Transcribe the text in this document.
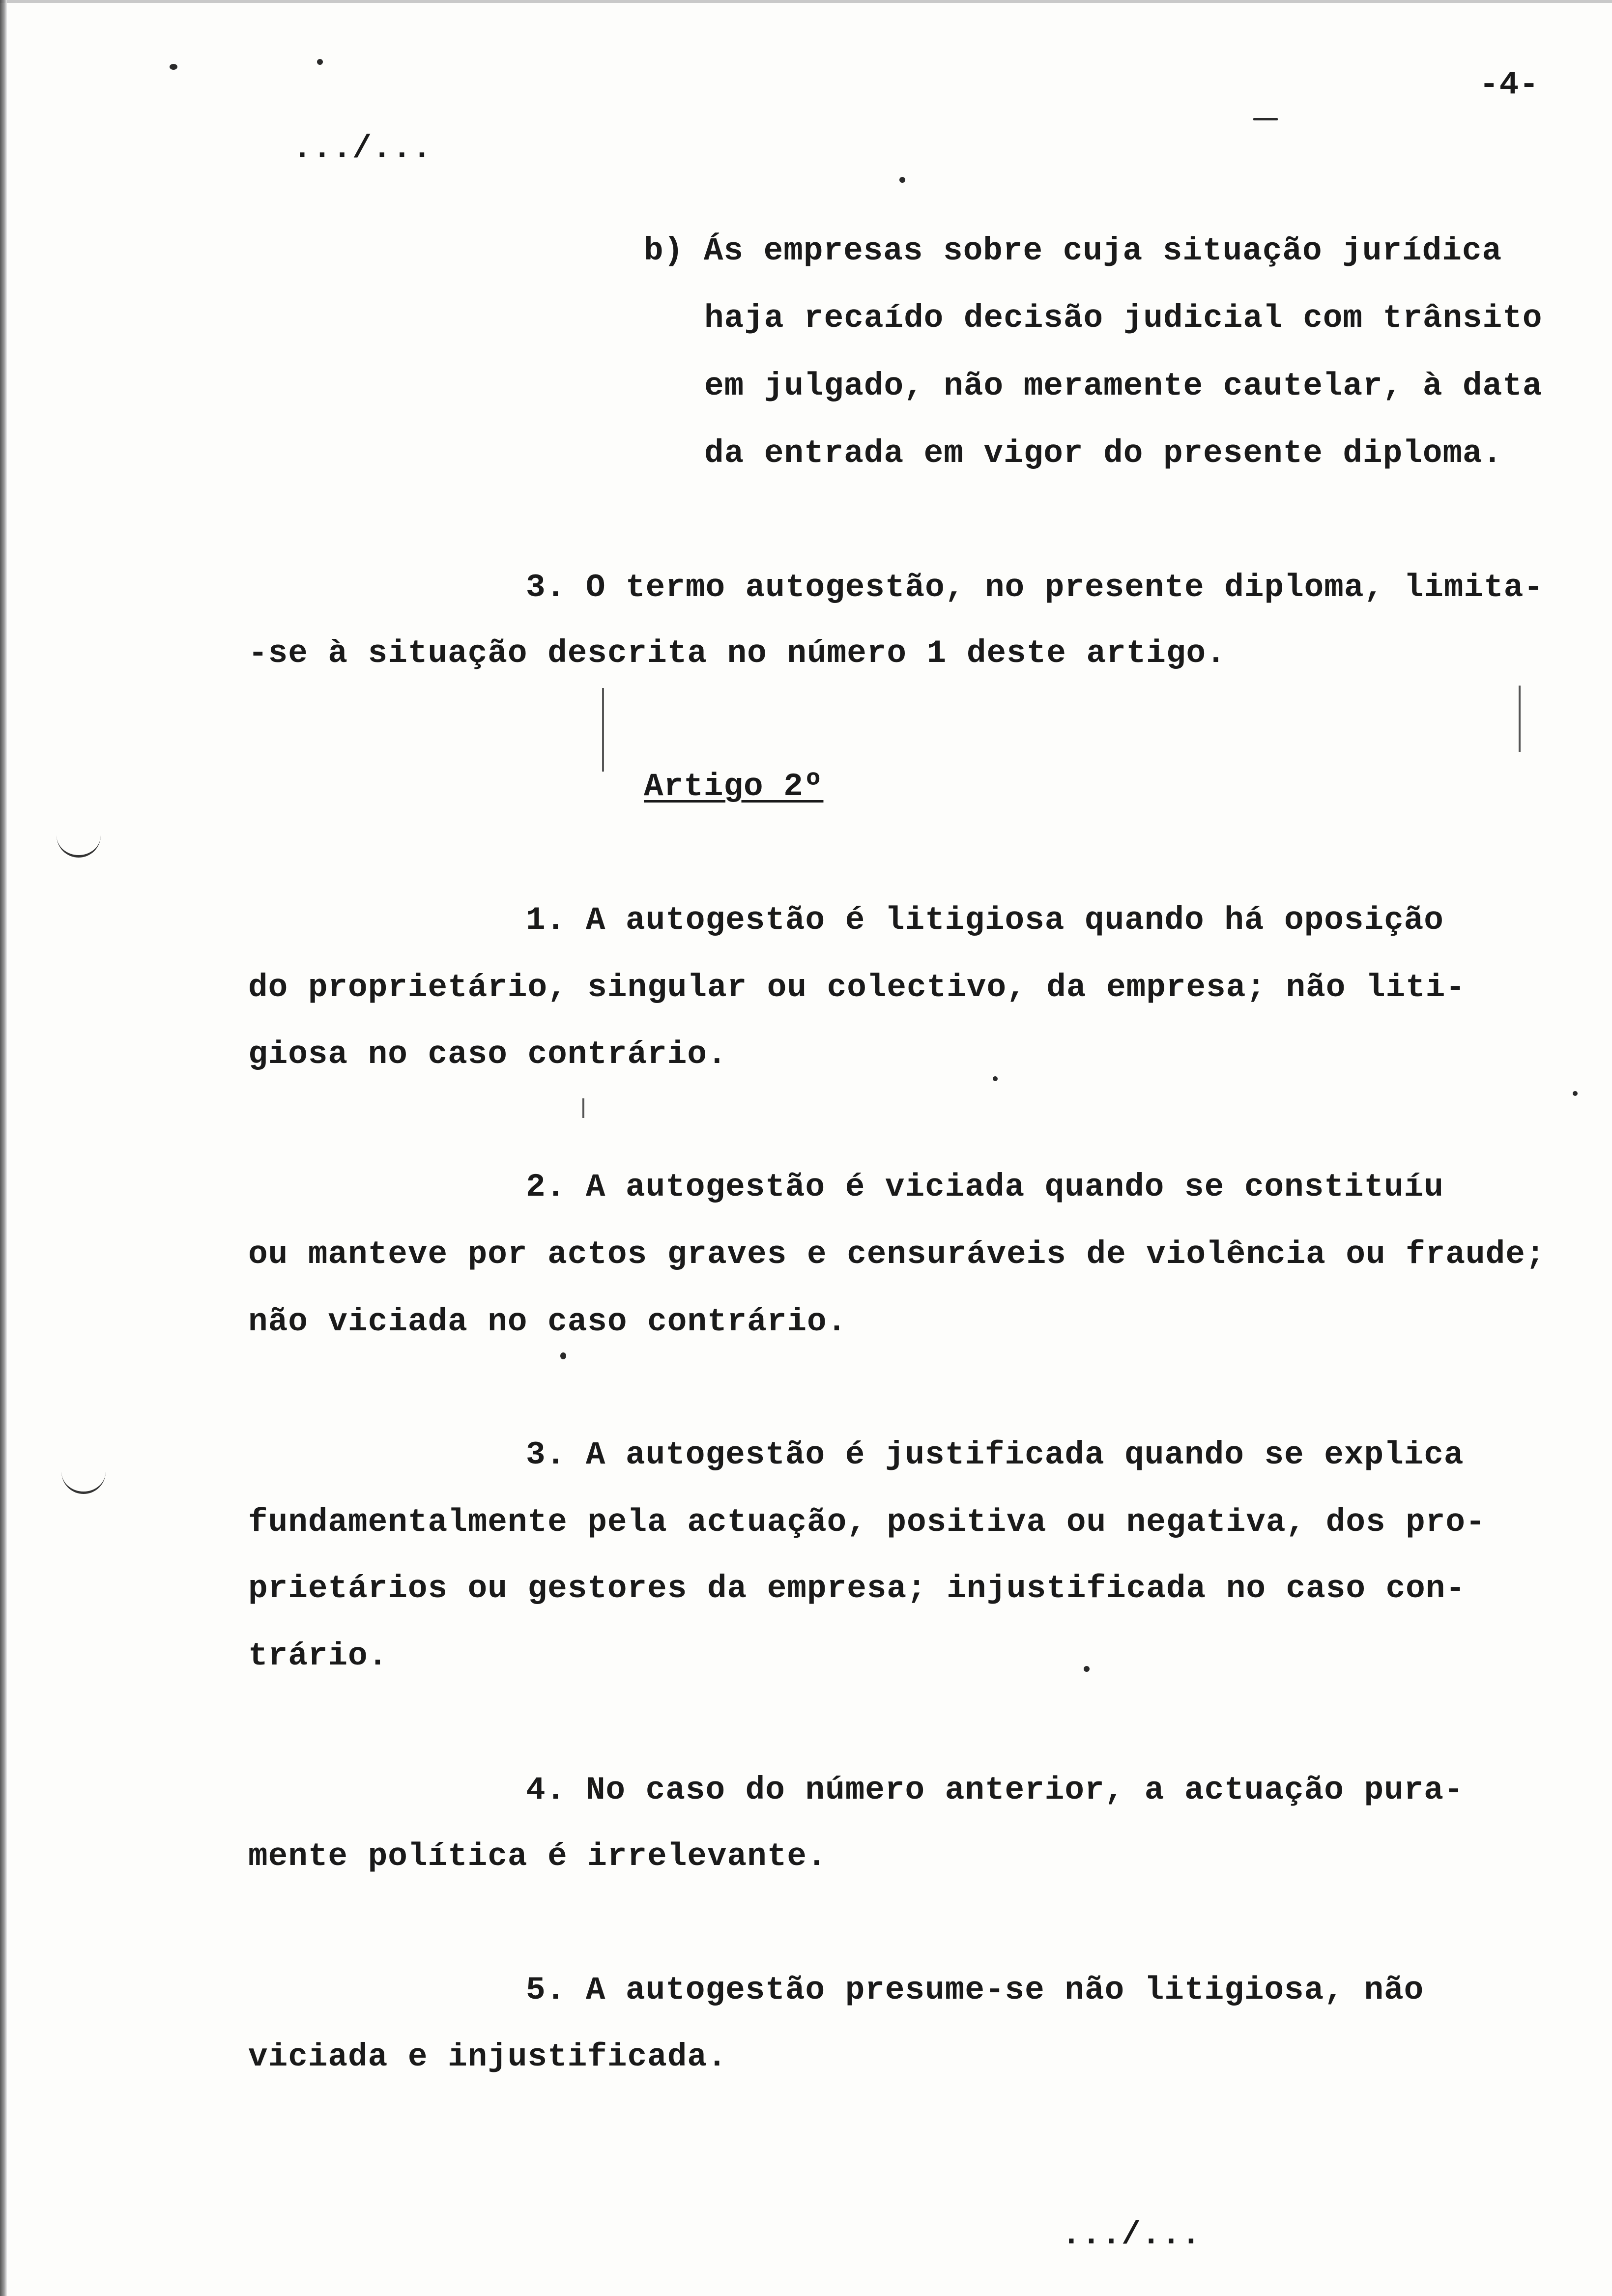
-4-
.../...
b) Ás empresas sobre cuja situação jurídica
haja recaído decisão judicial com trânsito
em julgado, não meramente cautelar, à data
da entrada em vigor do presente diploma.
3. O termo autogestão, no presente diploma, limita-
-se à situação descrita no número 1 deste artigo.
Artigo 2º
1. A autogestão é litigiosa quando há oposição
do proprietário, singular ou colectivo, da empresa; não liti-
giosa no caso contrário.
2. A autogestão é viciada quando se constituíu
ou manteve por actos graves e censuráveis de violência ou fraude;
não viciada no caso contrário.
3. A autogestão é justificada quando se explica
fundamentalmente pela actuação, positiva ou negativa, dos pro-
prietários ou gestores da empresa; injustificada no caso con-
trário.
4. No caso do número anterior, a actuação pura-
mente política é irrelevante.
5. A autogestão presume-se não litigiosa, não
viciada e injustificada.
.../...
